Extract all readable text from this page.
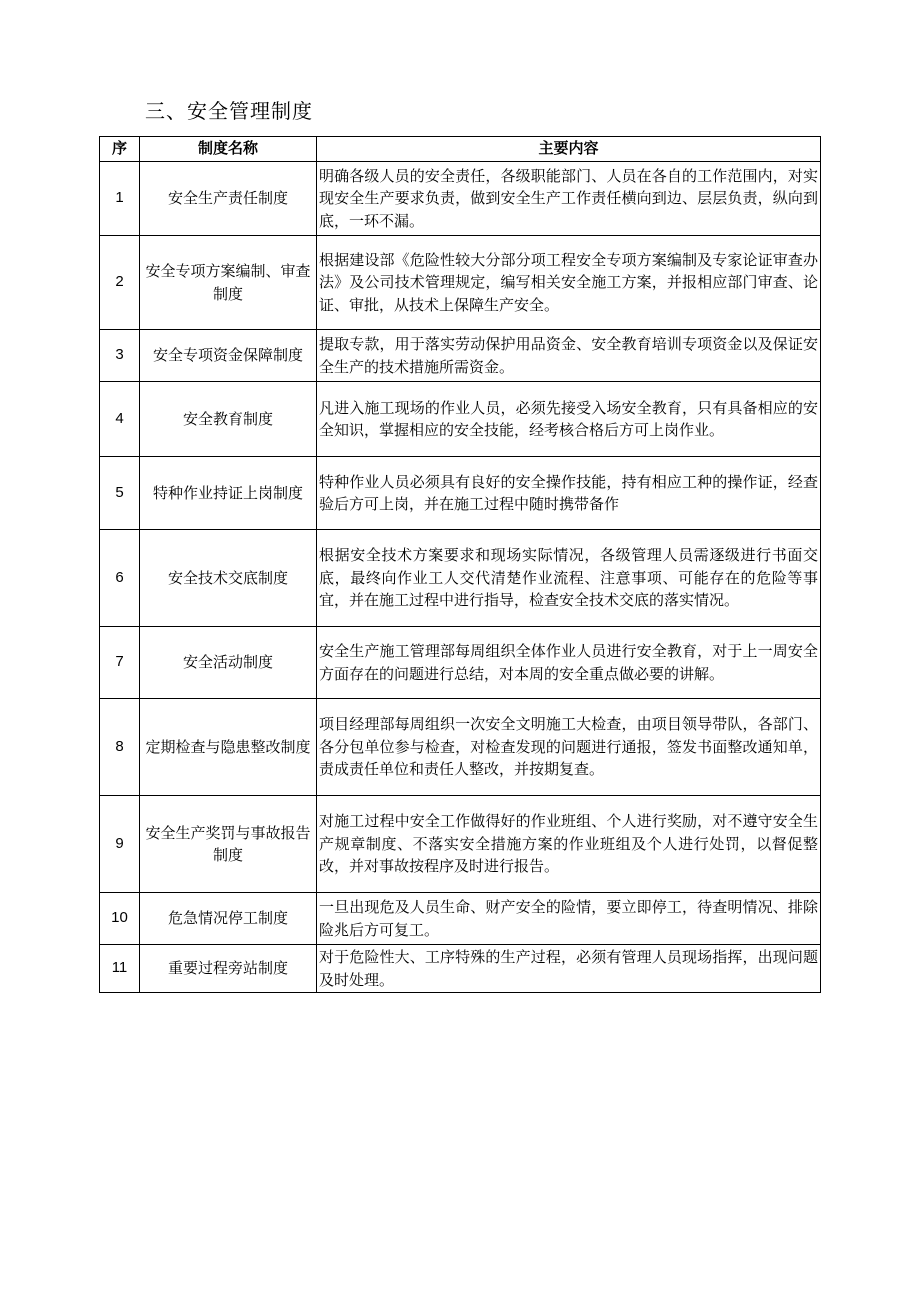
三、安全管理制度
序	制度名称	主要内容
1	安全生产责任制度	明确各级人员的安全责任，各级职能部门、人员在各自的工作范围内，对实现安全生产要求负责，做到安全生产工作责任横向到边、层层负责，纵向到底，一环不漏。
2	安全专项方案编制、审查制度	根据建设部《危险性较大分部分项工程安全专项方案编制及专家论证审查办法》及公司技术管理规定，编写相关安全施工方案，并报相应部门审查、论证、审批，从技术上保障生产安全。
3	安全专项资金保障制度	提取专款，用于落实劳动保护用品资金、安全教育培训专项资金以及保证安全生产的技术措施所需资金。
4	安全教育制度	凡进入施工现场的作业人员，必须先接受入场安全教育，只有具备相应的安全知识，掌握相应的安全技能，经考核合格后方可上岗作业。
5	特种作业持证上岗制度	特种作业人员必须具有良好的安全操作技能，持有相应工种的操作证，经查验后方可上岗，并在施工过程中随时携带备作
6	安全技术交底制度	根据安全技术方案要求和现场实际情况，各级管理人员需逐级进行书面交底，最终向作业工人交代清楚作业流程、注意事项、可能存在的危险等事宜，并在施工过程中进行指导，检查安全技术交底的落实情况。
7	安全活动制度	安全生产施工管理部每周组织全体作业人员进行安全教育，对于上一周安全方面存在的问题进行总结，对本周的安全重点做必要的讲解。
8	定期检查与隐患整改制度	项目经理部每周组织一次安全文明施工大检查，由项目领导带队，各部门、各分包单位参与检查，对检查发现的问题进行通报，签发书面整改通知单，责成责任单位和责任人整改，并按期复查。
9	安全生产奖罚与事故报告制度	对施工过程中安全工作做得好的作业班组、个人进行奖励，对不遵守安全生产规章制度、不落实安全措施方案的作业班组及个人进行处罚，以督促整改，并对事故按程序及时进行报告。
10	危急情况停工制度	一旦出现危及人员生命、财产安全的险情，要立即停工，待查明情况、排除险兆后方可复工。
11	重要过程旁站制度	对于危险性大、工序特殊的生产过程，必须有管理人员现场指挥，出现问题及时处理。
